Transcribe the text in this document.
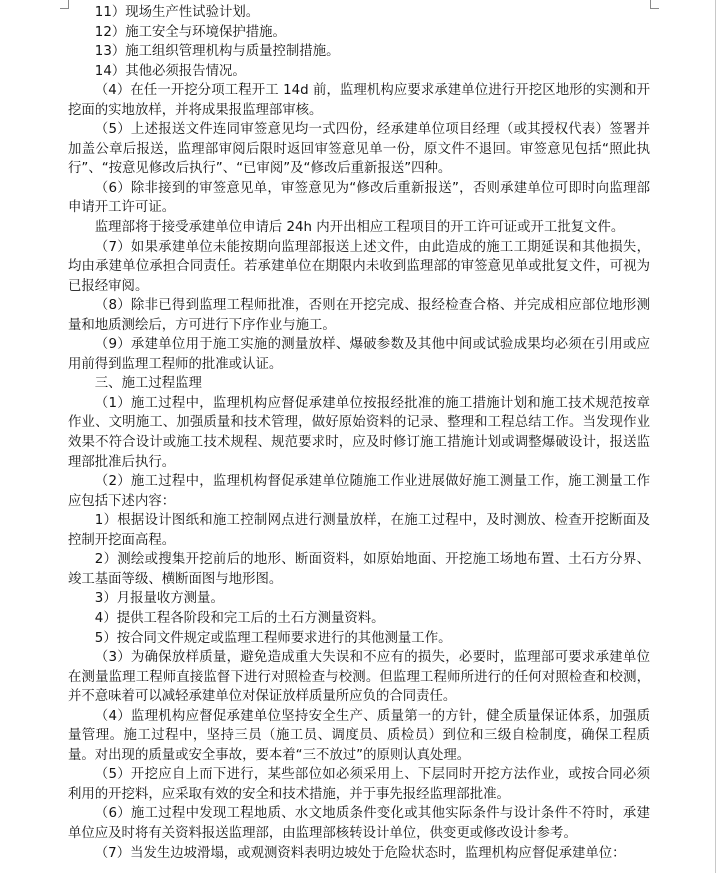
11）现场生产性试验计划。

12）施工安全与环境保护措施。

13）施工组织管理机构与质量控制措施。

14）其他必须报告情况。

（4）在任一开挖分项工程开工 14d 前，监理机构应要求承建单位进行开挖区地形的实测和开挖面的实地放样，并将成果报监理部审核。

（5）上述报送文件连同审签意见均一式四份，经承建单位项目经理（或其授权代表）签署并加盖公章后报送，监理部审阅后限时返回审签意见单一份，原文件不退回。审签意见包括“照此执行”、“按意见修改后执行”、“已审阅”及“修改后重新报送”四种。

（6）除非接到的审签意见单，审签意见为“修改后重新报送”，否则承建单位可即时向监理部申请开工许可证。

监理部将于接受承建单位申请后 24h 内开出相应工程项目的开工许可证或开工批复文件。

（7）如果承建单位未能按期向监理部报送上述文件，由此造成的施工工期延误和其他损失，均由承建单位承担合同责任。若承建单位在期限内未收到监理部的审签意见单或批复文件，可视为已报经审阅。

（8）除非已得到监理工程师批准，否则在开挖完成、报经检查合格、并完成相应部位地形测量和地质测绘后，方可进行下序作业与施工。

（9）承建单位用于施工实施的测量放样、爆破参数及其他中间或试验成果均必须在引用或应用前得到监理工程师的批准或认证。

三、施工过程监理

（1）施工过程中，监理机构应督促承建单位按报经批准的施工措施计划和施工技术规范按章作业、文明施工、加强质量和技术管理，做好原始资料的记录、整理和工程总结工作。当发现作业效果不符合设计或施工技术规程、规范要求时，应及时修订施工措施计划或调整爆破设计，报送监理部批准后执行。

（2）施工过程中，监理机构督促承建单位随施工作业进展做好施工测量工作，施工测量工作应包括下述内容：

1）根据设计图纸和施工控制网点进行测量放样，在施工过程中，及时测放、检查开挖断面及控制开挖面高程。

2）测绘或搜集开挖前后的地形、断面资料，如原始地面、开挖施工场地布置、土石方分界、竣工基面等级、横断面图与地形图。

3）月报量收方测量。

4）提供工程各阶段和完工后的土石方测量资料。

5）按合同文件规定或监理工程师要求进行的其他测量工作。

（3）为确保放样质量，避免造成重大失误和不应有的损失，必要时，监理部可要求承建单位在测量监理工程师直接监督下进行对照检查与校测。但监理工程师所进行的任何对照检查和校测，并不意味着可以减轻承建单位对保证放样质量所应负的合同责任。

（4）监理机构应督促承建单位坚持安全生产、质量第一的方针，健全质量保证体系，加强质量管理。施工过程中，坚持三员（施工员、调度员、质检员）到位和三级自检制度，确保工程质量。对出现的质量或安全事故，要本着“三不放过”的原则认真处理。

（5）开挖应自上而下进行，某些部位如必须采用上、下层同时开挖方法作业，或按合同必须利用的开挖料，应采取有效的安全和技术措施，并于事先报经监理部批准。

（6）施工过程中发现工程地质、水文地质条件变化或其他实际条件与设计条件不符时，承建单位应及时将有关资料报送监理部，由监理部核转设计单位，供变更或修改设计参考。

（7）当发生边坡滑塌，或观测资料表明边坡处于危险状态时，监理机构应督促承建单位：
